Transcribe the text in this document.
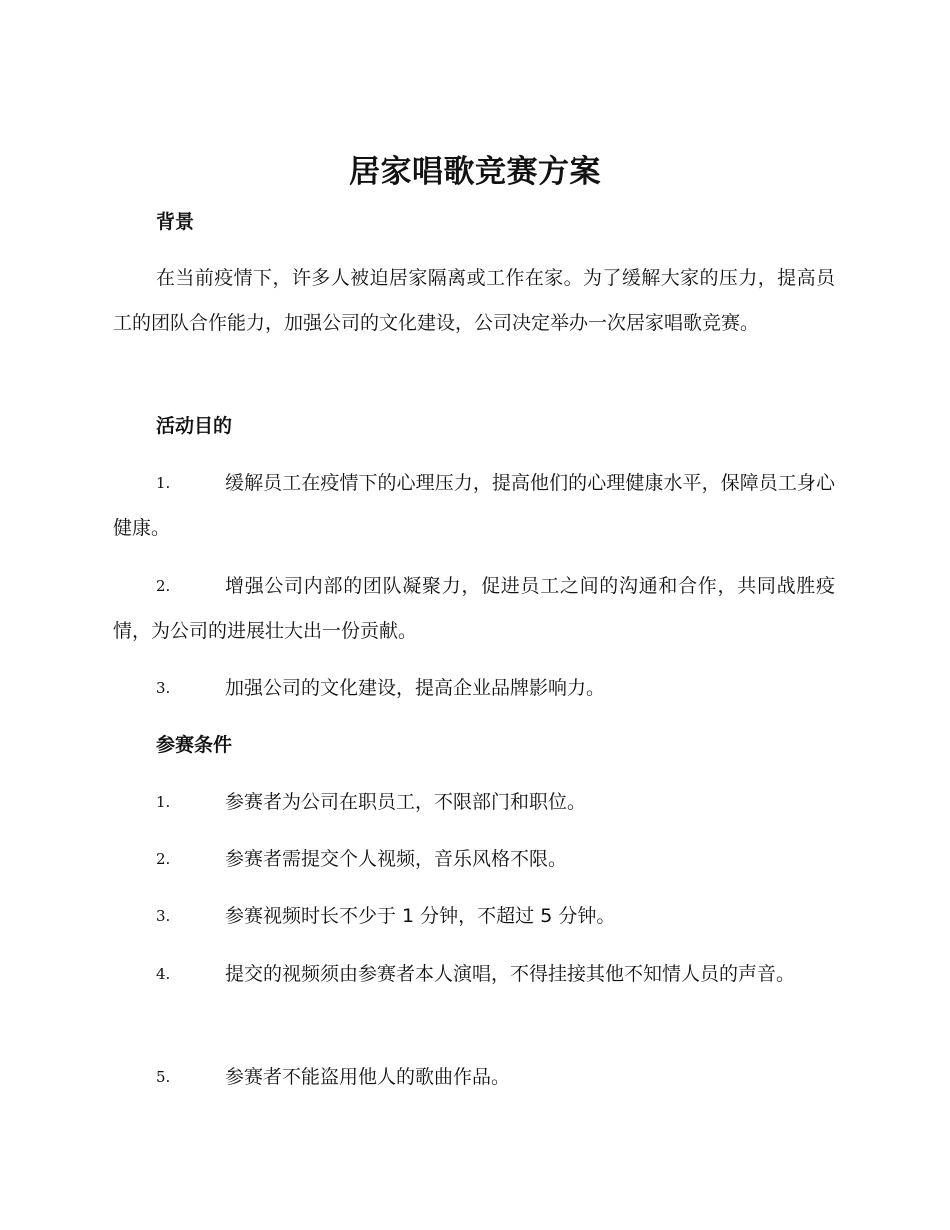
居家唱歌竞赛方案
背景
在当前疫情下，许多人被迫居家隔离或工作在家。为了缓解大家的压力，提高员工的团队合作能力，加强公司的文化建设，公司决定举办一次居家唱歌竞赛。
活动目的
1.	缓解员工在疫情下的心理压力，提高他们的心理健康水平，保障员工身心健康。
2.	增强公司内部的团队凝聚力，促进员工之间的沟通和合作，共同战胜疫情，为公司的进展壮大出一份贡献。
3.	加强公司的文化建设，提高企业品牌影响力。
参赛条件
1.	参赛者为公司在职员工，不限部门和职位。
2.	参赛者需提交个人视频，音乐风格不限。
3.	参赛视频时长不少于 1 分钟，不超过 5 分钟。
4.	提交的视频须由参赛者本人演唱，不得挂接其他不知情人员的声音。
5.	参赛者不能盗用他人的歌曲作品。
